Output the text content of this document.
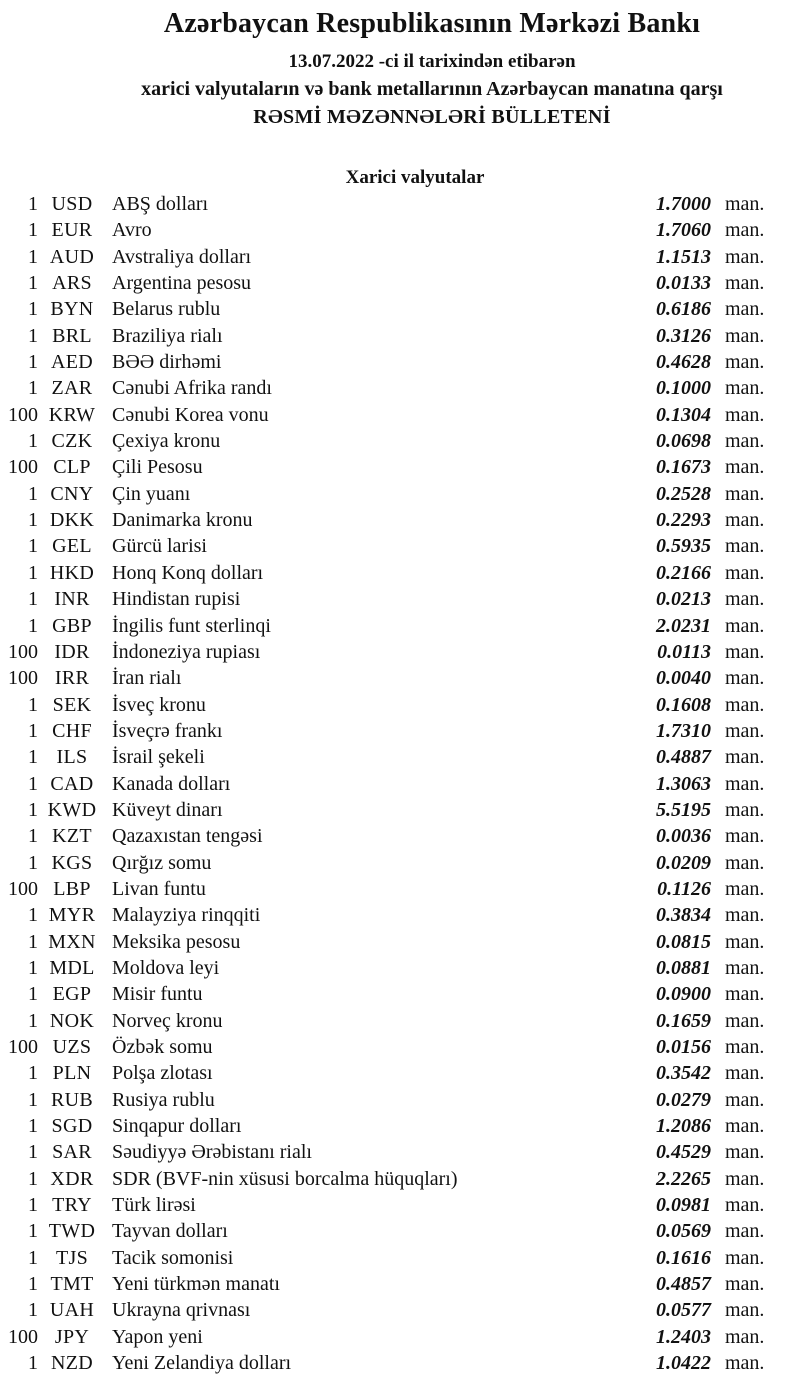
Azərbaycan Respublikasının Mərkəzi Bankı
13.07.2022 -ci il tarixindən etibarən
xarici valyutaların və bank metallarının Azərbaycan manatına qarşı
RƏSMİ MƏZƏNNƏLƏRİ BÜLLETENİ
Xarici valyutalar
1 USD ABŞ dolları	1.7000 man.
1 EUR Avro	1.7060 man.
1 AUD Avstraliya dolları	1.1513 man.
1 ARS	Argentina pesosu	0.0133 man.
1 BYN Belarus rublu	0.6186 man.
1 BRL	Braziliya rialı	0.3126 man.
1 AED BƏƏ dirhəmi	0.4628 man.
1 ZAR Cənubi Afrika randı	0.1000 man.
100 KRW Cənubi Korea vonu	0.1304 man.
1 CZK Çexiya kronu	0.0698 man.
100 CLP	Çili Pesosu	0.1673 man.
1 CNY Çin yuanı	0.2528 man.
1 DKK Danimarka kronu	0.2293 man.
1 GEL	Gürcü larisi	0.5935 man.
1 HKD Honq Konq dolları	0.2166 man.
1 INR	Hindistan rupisi	0.0213 man.
1 GBP	İngilis funt sterlinqi	2.0231 man.
100 IDR	İndoneziya rupiası	0.0113 man.
100 IRR	İran rialı	0.0040 man.
1 SEK	İsveç kronu	0.1608 man.
1 CHF	İsveçrə frankı	1.7310 man.
1 ILS	İsrail şekeli	0.4887 man.
1 CAD Kanada dolları	1.3063 man.
1 KWD Küveyt dinarı	5.5195 man.
1 KZT	Qazaxıstan tengəsi	0.0036 man.
1 KGS Qırğız somu	0.0209 man.
100 LBP	Livan funtu	0.1126 man.
1 MYR Malayziya rinqqiti	0.3834 man.
1 MXN Meksika pesosu	0.0815 man.
1 MDL Moldova leyi	0.0881 man.
1 EGP	Misir funtu	0.0900 man.
1 NOK Norveç kronu	0.1659 man.
100 UZS	Özbək somu	0.0156 man.
1 PLN	Polşa zlotası	0.3542 man.
1 RUB Rusiya rublu	0.0279 man.
1 SGD Sinqapur dolları	1.2086 man.
1 SAR	Səudiyyə Ərəbistanı rialı	0.4529 man.
1 XDR SDR (BVF-nin xüsusi borcalma hüquqları)	2.2265 man.
1 TRY	Türk lirəsi	0.0981 man.
1 TWD Tayvan dolları	0.0569 man.
1 TJS	Tacik somonisi	0.1616 man.
1 TMT Yeni türkmən manatı	0.4857 man.
1 UAH Ukrayna qrivnası	0.0577 man.
100 JPY	Yapon yeni	1.2403 man.
1 NZD Yeni Zelandiya dolları	1.0422 man.
